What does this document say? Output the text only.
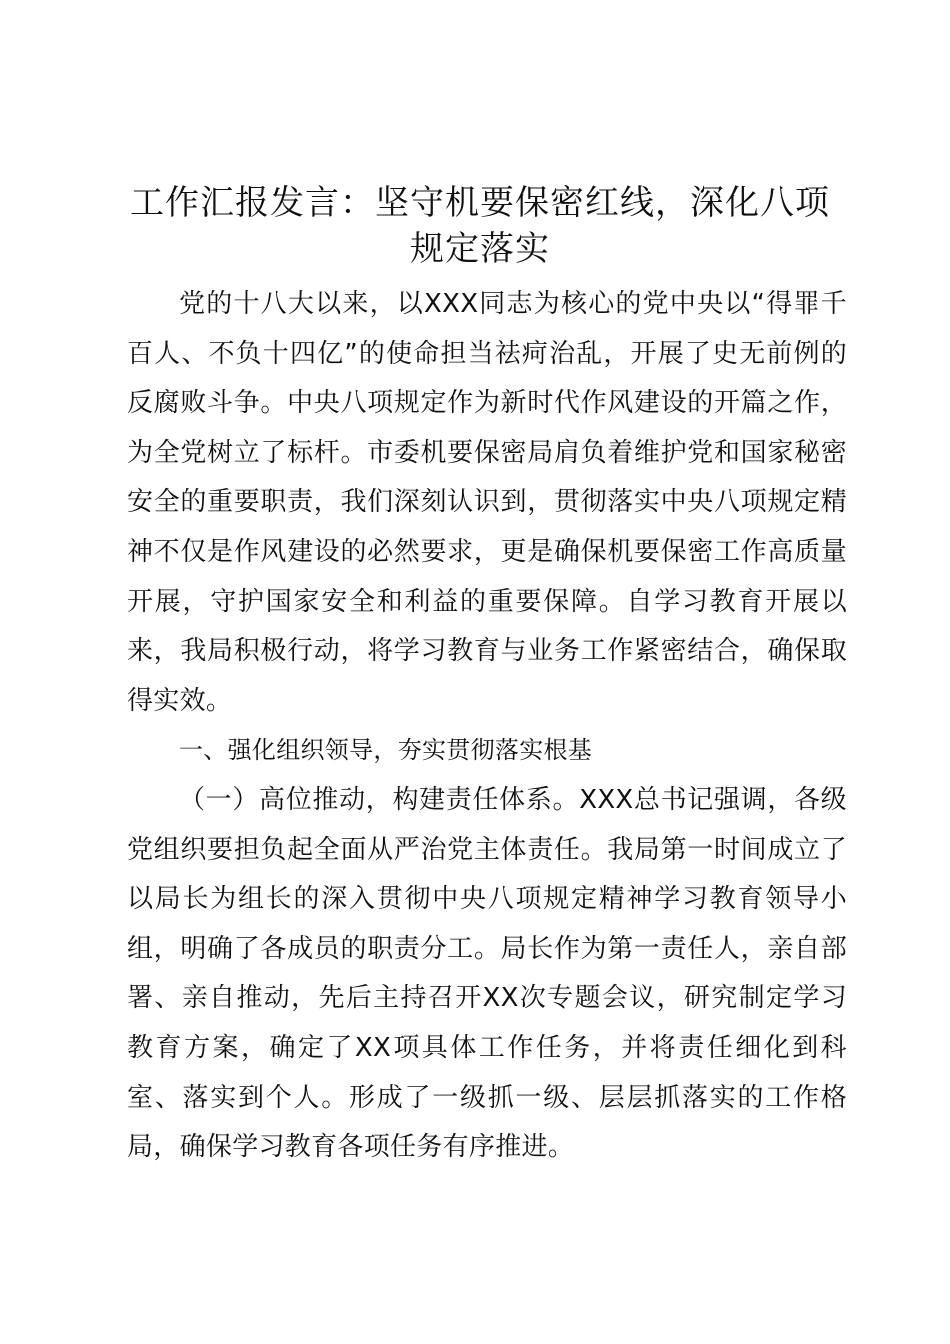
工作汇报发言：坚守机要保密红线，深化八项
规定落实

党的十八大以来，以XXX同志为核心的党中央以“得罪千百人、不负十四亿”的使命担当祛疴治乱，开展了史无前例的反腐败斗争。中央八项规定作为新时代作风建设的开篇之作，为全党树立了标杆。市委机要保密局肩负着维护党和国家秘密安全的重要职责，我们深刻认识到，贯彻落实中央八项规定精神不仅是作风建设的必然要求，更是确保机要保密工作高质量开展，守护国家安全和利益的重要保障。自学习教育开展以来，我局积极行动，将学习教育与业务工作紧密结合，确保取得实效。

一、强化组织领导，夯实贯彻落实根基

（一）高位推动，构建责任体系。XXX总书记强调，各级党组织要担负起全面从严治党主体责任。我局第一时间成立了以局长为组长的深入贯彻中央八项规定精神学习教育领导小组，明确了各成员的职责分工。局长作为第一责任人，亲自部署、亲自推动，先后主持召开XX次专题会议，研究制定学习教育方案，确定了XX项具体工作任务，并将责任细化到科室、落实到个人。形成了一级抓一级、层层抓落实的工作格局，确保学习教育各项任务有序推进。
